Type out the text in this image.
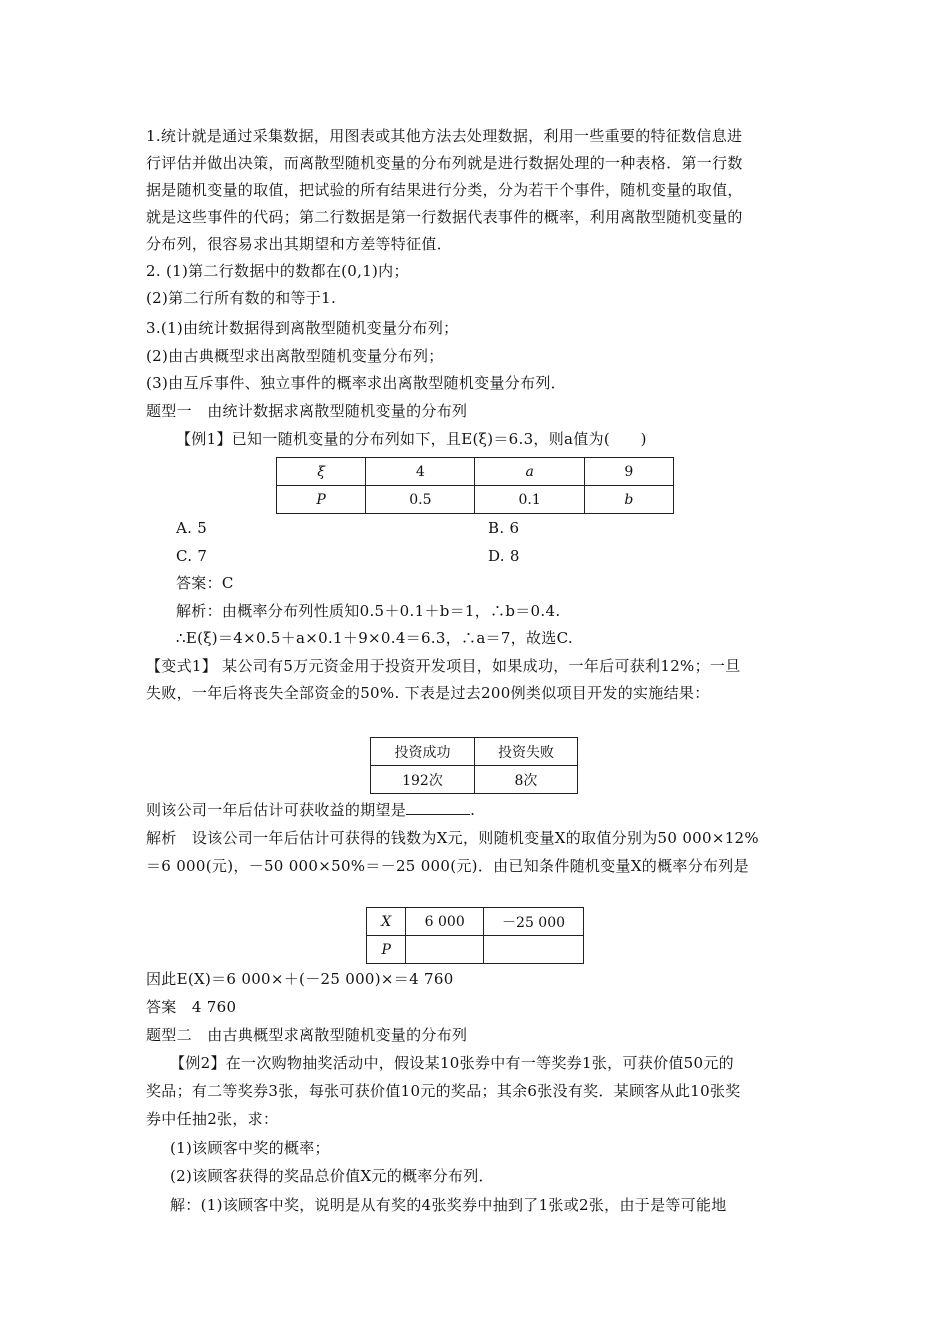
1.统计就是通过采集数据，用图表或其他方法去处理数据，利用一些重要的特征数信息进
行评估并做出决策，而离散型随机变量的分布列就是进行数据处理的一种表格．第一行数
据是随机变量的取值，把试验的所有结果进行分类，分为若干个事件，随机变量的取值，
就是这些事件的代码；第二行数据是第一行数据代表事件的概率，利用离散型随机变量的
分布列，很容易求出其期望和方差等特征值．
2. (1)第二行数据中的数都在(0,1)内；
(2)第二行所有数的和等于1.
3.(1)由统计数据得到离散型随机变量分布列；
(2)由古典概型求出离散型随机变量分布列；
(3)由互斥事件、独立事件的概率求出离散型随机变量分布列．
题型一　由统计数据求离散型随机变量的分布列
【例1】已知一随机变量的分布列如下，且E(ξ)＝6.3，则a值为(　　)
ξ	4	a	9
P	0.5	0.1	b
A. 5	B. 6
C. 7	D. 8
答案：C
解析：由概率分布列性质知0.5＋0.1＋b＝1，∴b＝0.4.
∴E(ξ)＝4×0.5＋a×0.1＋9×0.4＝6.3，∴a＝7，故选C.
【变式1】 某公司有5万元资金用于投资开发项目，如果成功，一年后可获利12%；一旦
失败，一年后将丧失全部资金的50%. 下表是过去200例类似项目开发的实施结果：
投资成功	投资失败
192次	8次
则该公司一年后估计可获收益的期望是	.
解析　设该公司一年后估计可获得的钱数为X元，则随机变量X的取值分别为50 000×12%
＝6 000(元)，－50 000×50%＝－25 000(元)．由已知条件随机变量X的概率分布列是
X	6 000	－25 000
P		
因此E(X)＝6 000×＋(－25 000)×＝4 760
答案　4 760
题型二　由古典概型求离散型随机变量的分布列
【例2】在一次购物抽奖活动中，假设某10张券中有一等奖券1张，可获价值50元的
奖品；有二等奖券3张，每张可获价值10元的奖品；其余6张没有奖．某顾客从此10张奖
券中任抽2张，求：
(1)该顾客中奖的概率；
(2)该顾客获得的奖品总价值X元的概率分布列．
解：(1)该顾客中奖，说明是从有奖的4张奖券中抽到了1张或2张，由于是等可能地
